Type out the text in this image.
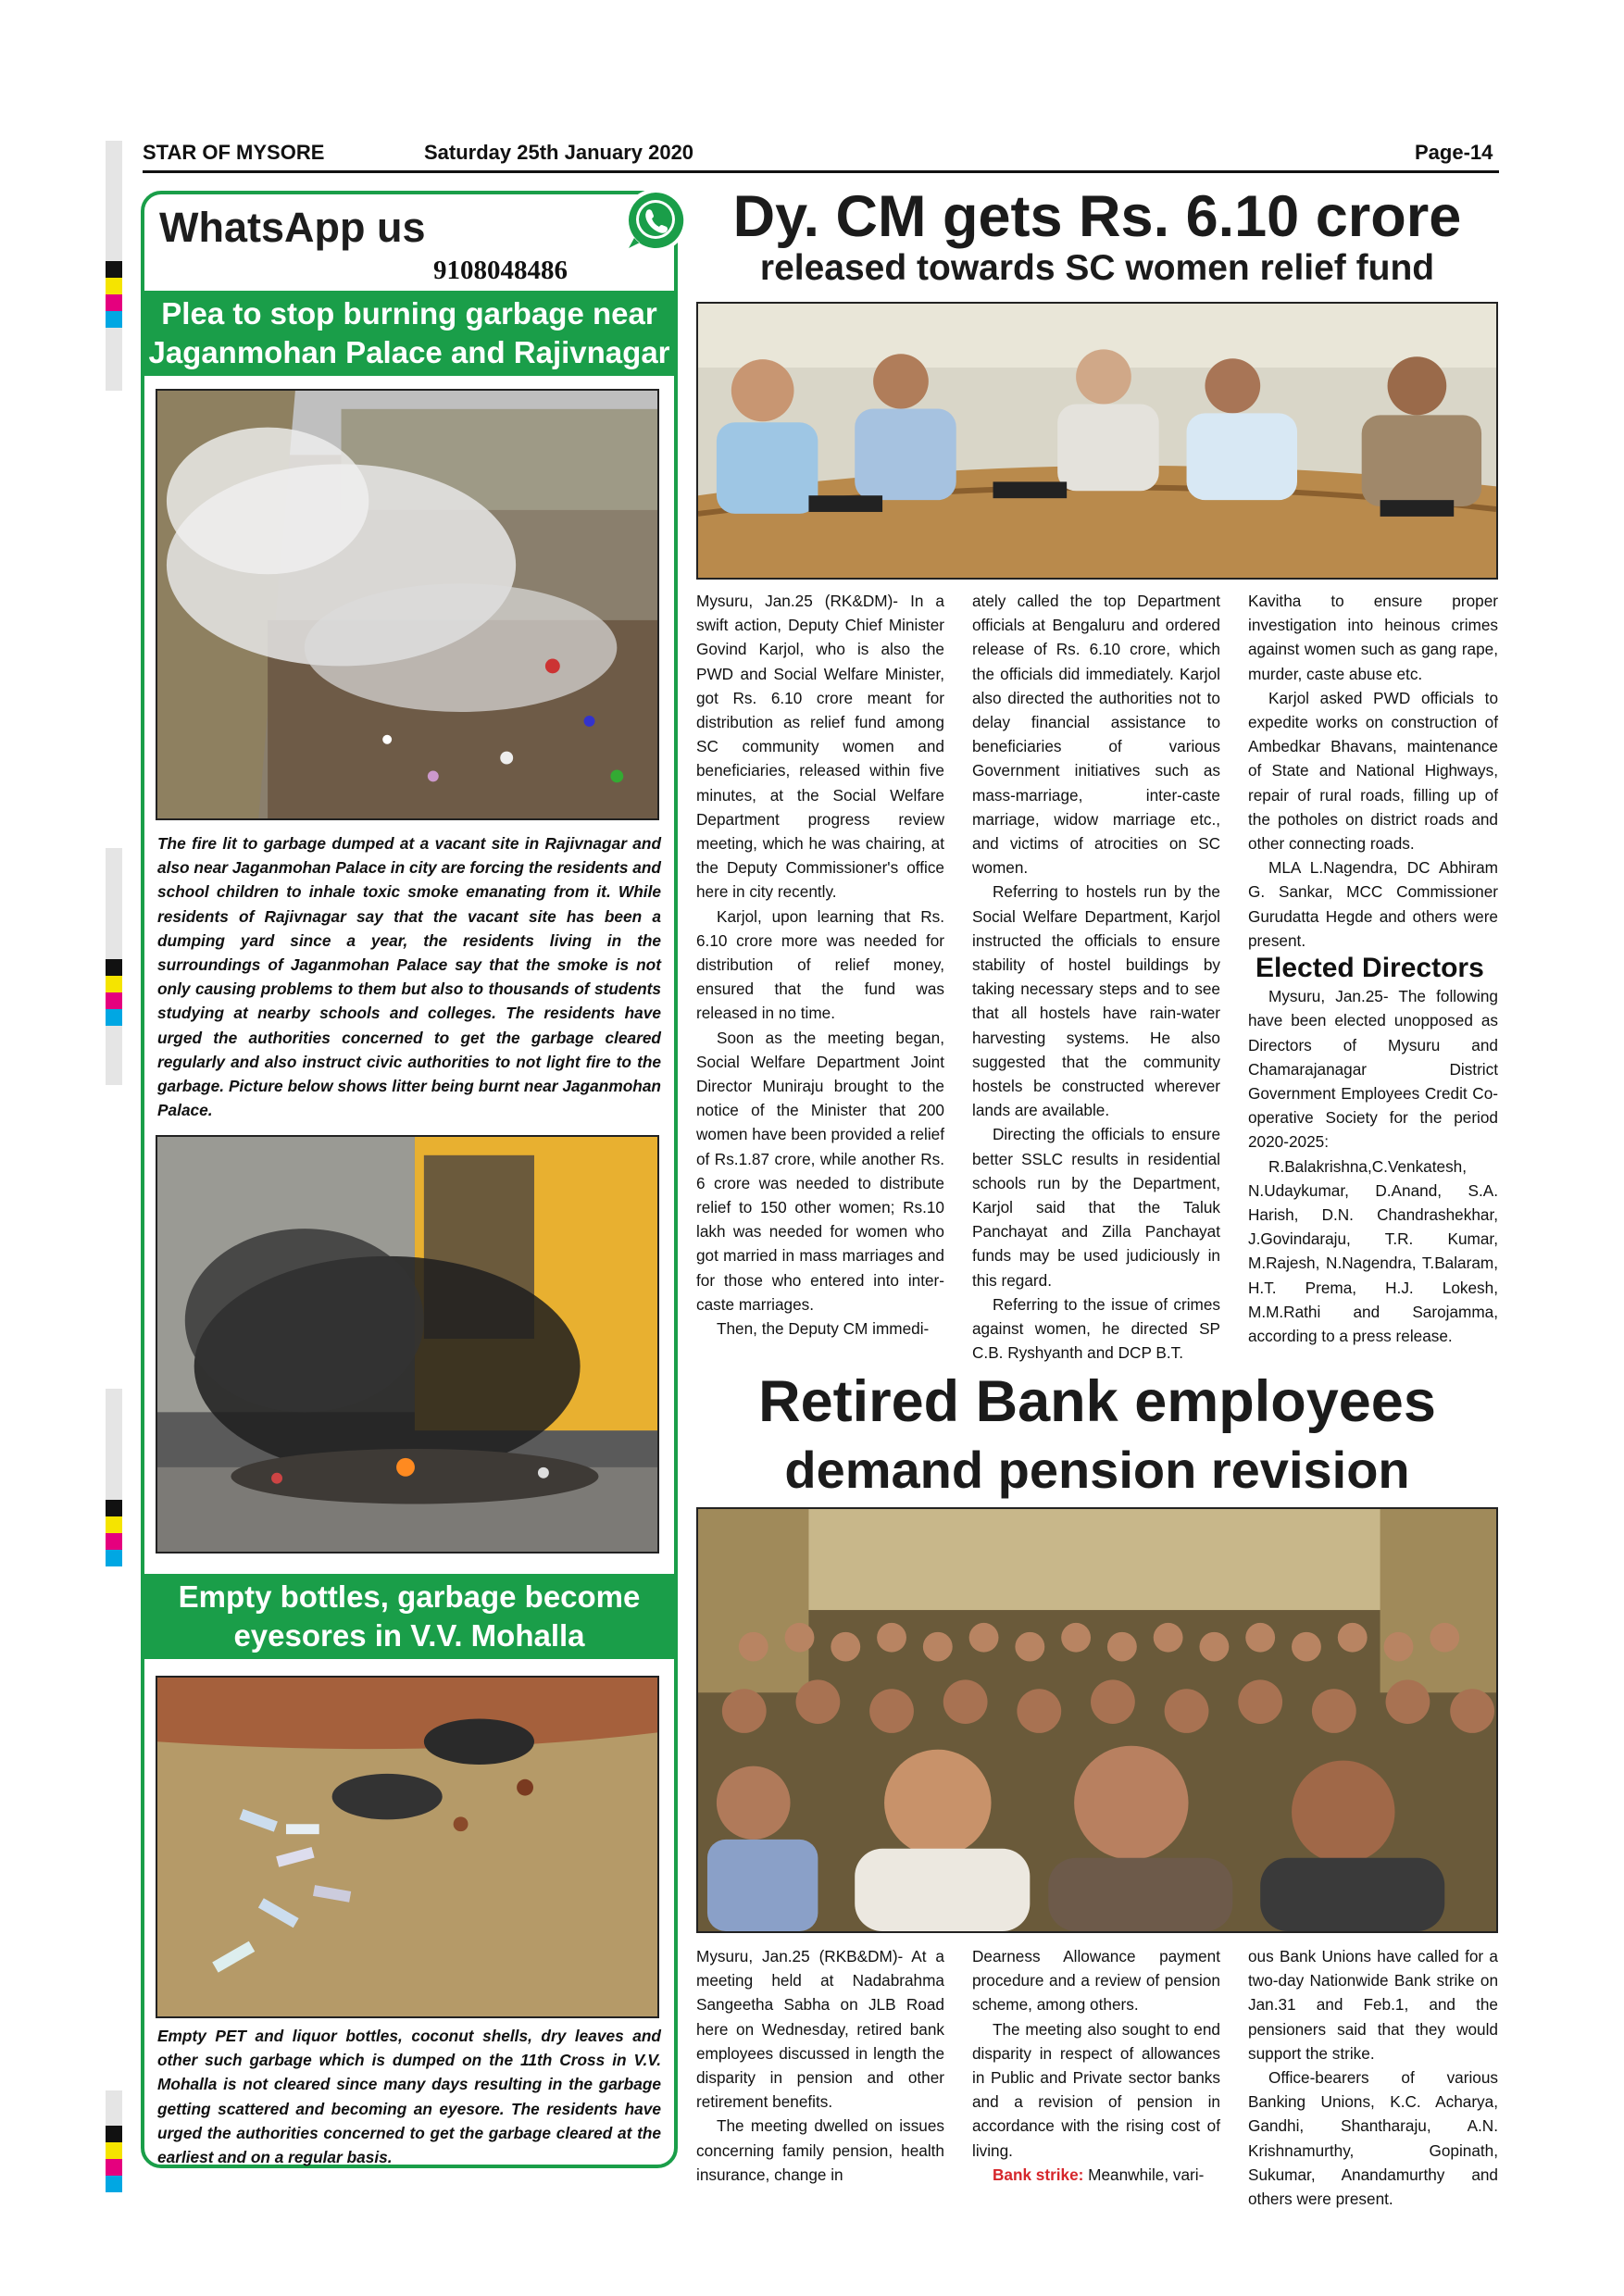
STAR OF MYSORE	Saturday 25th January 2020	Page-14
WhatsApp us
9108048486
Plea to stop burning garbage near
Jaganmohan Palace and Rajivnagar
The fire lit to garbage dumped at a vacant site in Rajivnagar and also near Jaganmohan Palace in city are forcing the residents and school children to inhale toxic smoke emanating from it. While residents of Rajivnagar say that the vacant site has been a dumping yard since a year, the residents living in the surroundings of Jaganmohan Palace say that the smoke is not only causing problems to them but also to thousands of students studying at nearby schools and colleges. The residents have urged the authorities concerned to get the garbage cleared regularly and also instruct civic authorities to not light fire to the garbage. Picture below shows litter being burnt near Jaganmohan Palace.
Empty bottles, garbage become
eyesores in V.V. Mohalla
Empty PET and liquor bottles, coconut shells, dry leaves and other such garbage which is dumped on the 11th Cross in V.V. Mohalla is not cleared since many days resulting in the garbage getting scattered and becoming an eyesore. The residents have urged the authorities concerned to get the garbage cleared at the earliest and on a regular basis.
Dy. CM gets Rs. 6.10 crore
released towards SC women relief fund

Mysuru, Jan.25 (RK&DM)- In a swift action, Deputy Chief Minister Govind Karjol, who is also the PWD and Social Welfare Minister, got Rs. 6.10 crore meant for distribution as relief fund among SC community women and beneficiaries, released within five minutes, at the Social Welfare Department progress review meeting, which he was chairing, at the Deputy Commissioner's office here in city recently.

Karjol, upon learning that Rs. 6.10 crore more was needed for distribution of relief money, ensured that the fund was released in no time.

Soon as the meeting began, Social Welfare Department Joint Director Muniraju brought to the notice of the Minister that 200 women have been provided a relief of Rs.1.87 crore, while another Rs. 6 crore was needed to distribute relief to 150 other women; Rs.10 lakh was needed for women who got married in mass marriages and for those who entered into inter-caste marriages.

Then, the Deputy CM immedi-

ately called the top Department officials at Bengaluru and ordered release of Rs. 6.10 crore, which the officials did immediately. Karjol also directed the authorities not to delay financial assistance to beneficiaries of various Government initiatives such as mass-marriage, inter-caste marriage, widow marriage etc., and victims of atrocities on SC women.

Referring to hostels run by the Social Welfare Department, Karjol instructed the officials to ensure stability of hostel buildings by taking necessary steps and to see that all hostels have rain-water harvesting systems. He also suggested that the community hostels be constructed wherever lands are available.

Directing the officials to ensure better SSLC results in residential schools run by the Department, Karjol said that the Taluk Panchayat and Zilla Panchayat funds may be used judiciously in this regard.

Referring to the issue of crimes against women, he directed SP C.B. Ryshyanth and DCP B.T.

Kavitha to ensure proper investigation into heinous crimes against women such as gang rape, murder, caste abuse etc.

Karjol asked PWD officials to expedite works on construction of Ambedkar Bhavans, maintenance of State and National Highways, repair of rural roads, filling up of the potholes on district roads and other connecting roads.

MLA L.Nagendra, DC Abhiram G. Sankar, MCC Commissioner Gurudatta Hegde and others were present.

Elected Directors

Mysuru, Jan.25- The following have been elected unopposed as Directors of Mysuru and Chamarajanagar District Government Employees Credit Co-operative Society for the period 2020-2025:

R.Balakrishna,C.Venkatesh, N.Udaykumar, D.Anand, S.A. Harish, D.N. Chandrashekhar, J.Govindaraju, T.R. Kumar, M.Rajesh, N.Nagendra, T.Balaram, H.T. Prema, H.J. Lokesh, M.M.Rathi and Sarojamma, according to a press release.

Retired Bank employees
demand pension revision

Mysuru, Jan.25 (RKB&DM)- At a meeting held at Nadabrahma Sangeetha Sabha on JLB Road here on Wednesday, retired bank employees discussed in length the disparity in pension and other retirement benefits.

The meeting dwelled on issues concerning family pension, health insurance, change in

Dearness Allowance payment procedure and a review of pension scheme, among others.

The meeting also sought to end disparity in respect of allowances in Public and Private sector banks and a revision of pension in accordance with the rising cost of living.

Bank strike: Meanwhile, vari-

ous Bank Unions have called for a two-day Nationwide Bank strike on Jan.31 and Feb.1, and the pensioners said that they would support the strike.

Office-bearers of various Banking Unions, K.C. Acharya, Gandhi, Shantharaju, A.N. Krishnamurthy, Gopinath, Sukumar, Anandamurthy and others were present.
